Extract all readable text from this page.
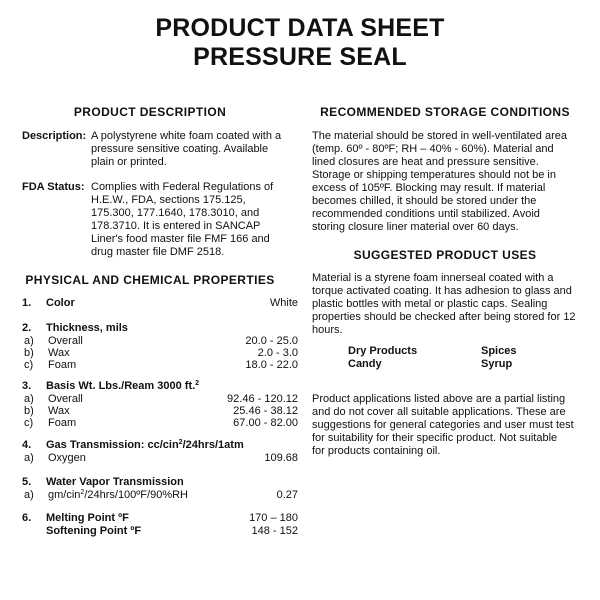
PRODUCT DATA SHEET
PRESSURE SEAL
PRODUCT DESCRIPTION
Description: A polystyrene white foam coated with a
pressure sensitive coating. Available
plain or printed.
FDA Status: Complies with Federal Regulations of
H.E.W., FDA, sections 175.125,
175.300, 177.1640, 178.3010, and
178.3710. It is entered in SANCAP
Liner's food master file FMF 166 and
drug master file DMF 2518.
PHYSICAL AND CHEMICAL PROPERTIES
1. Color	White
2. Thickness, mils
a) Overall	20.0 - 25.0
b) Wax	2.0 - 3.0
c) Foam	18.0 - 22.0
3. Basis Wt. Lbs./Ream 3000 ft.$^2$
a) Overall	92.46 - 120.12
b) Wax	25.46 - 38.12
c) Foam	67.00 - 82.00
4. Gas Transmission: cc/cin$^2$/24hrs/1atm
a) Oxygen	109.68
5. Water Vapor Transmission
a) gm/cin$^2$/24hrs/100ºF/90%RH	0.27
6. Melting Point ºF	170 – 180
Softening Point ºF	148 - 152
RECOMMENDED STORAGE CONDITIONS
The material should be stored in well-ventilated area
(temp. 60º - 80ºF; RH – 40% - 60%). Material and
lined closures are heat and pressure sensitive.
Storage or shipping temperatures should not be in
excess of 105ºF. Blocking may result. If material
becomes chilled, it should be stored under the
recommended conditions until stabilized. Avoid
storing closure liner material over 60 days.
SUGGESTED PRODUCT USES
Material is a styrene foam innerseal coated with a
torque activated coating. It has adhesion to glass and
plastic bottles with metal or plastic caps. Sealing
properties should be checked after being stored for 12
hours.
Dry Products	Spices
Candy	Syrup
Product applications listed above are a partial listing
and do not cover all suitable applications. These are
suggestions for general categories and user must test
for suitability for their specific product. Not suitable
for products containing oil.
